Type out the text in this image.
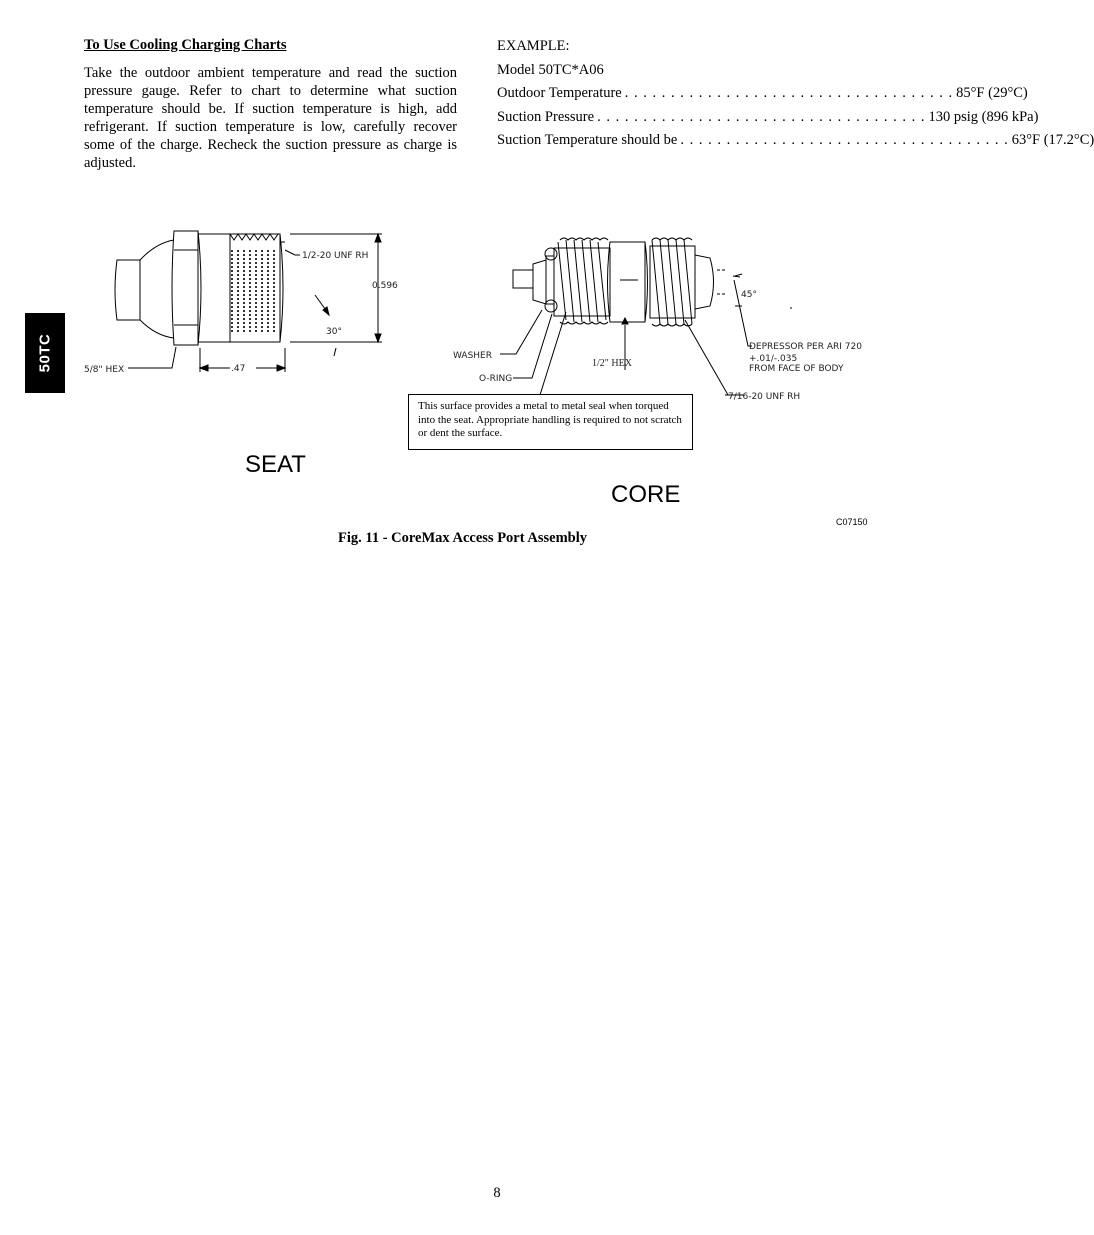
50TC
To Use Cooling Charging Charts
Take the outdoor ambient temperature and read the suction pressure gauge. Refer to chart to determine what suction temperature should be. If suction temperature is high, add refrigerant. If suction temperature is low, carefully recover some of the charge. Recheck the suction pressure as charge is adjusted.
EXAMPLE:
Model 50TC*A06
Outdoor Temperature . . . . . . . . . . . . . . . . . . . . . . . . . . . . . . . . . . . . 85°F (29°C)
Suction Pressure . . . . . . . . . . . . . . . . . . . . . . . . . . . . . . . . . . . . 130 psig (896 kPa)
Suction Temperature should be . . . . . . . . . . . . . . . . . . . . . . . . . . . . . . . . . . . . 63°F (17.2°C)
1/2-20 UNF RH
0.596
30°
5/8" HEX	.47
WASHER
O-RING
1/2" HEX
45°
DEPRESSOR PER ARI 720
+.01/-.035
FROM FACE OF BODY
7/16-20 UNF RH
This surface provides a metal to metal seal when torqued into the seat. Appropriate handling is required to not scratch or dent the surface.
SEAT
CORE
C07150
Fig. 11 - CoreMax Access Port Assembly
8
